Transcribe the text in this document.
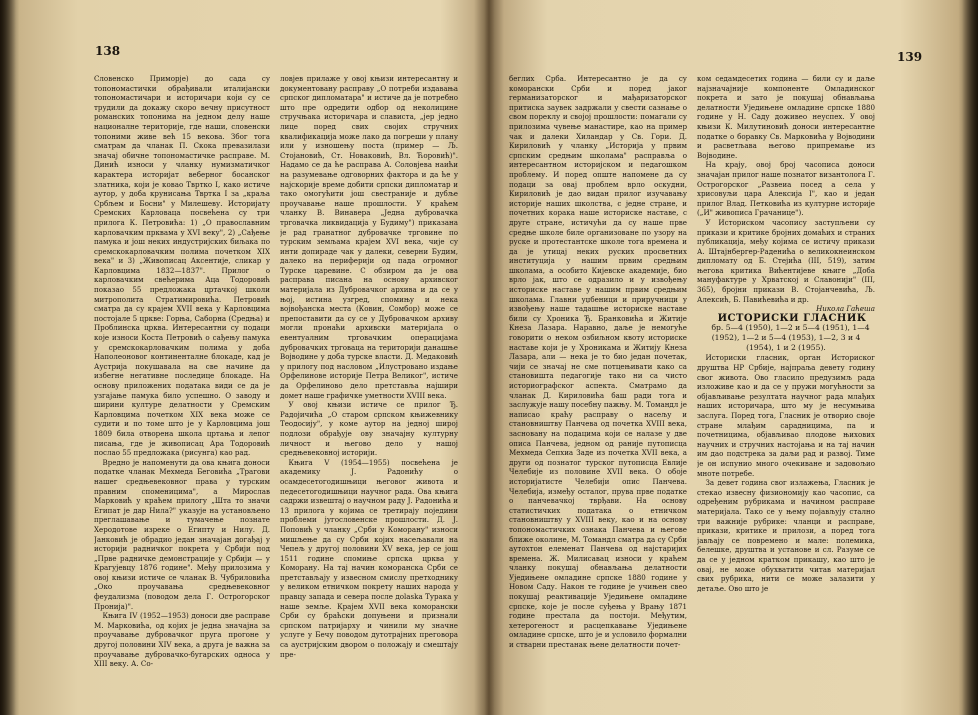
138

Словенско Приморје) до сада су топономастички обрађивали италијански топономастичари и историчари који су се трудили да докажу скоро вечну присутност романских топонима на једном делу наше националне територије, где наши, словенски топоними живе већ 15 векова. Због тога сматрам да чланак П. Скока превазилази значај обичне топономастичке расправе. М. Динић износи у чланку нумизматичког карактера историјат веберног босанског златника, који је ковао Твртко I, како истиче аутор, у доба крунисања Твртка I за „краља Србљем и Босни" у Милешеву. Историјату Сремских Карловаца посвећена су три прилога К. Петровића: 1) „О православним карловачким прквама у XVI веку", 2) „Сађење памука и још неких индустријских биљака по сремскокарловачким полима почетком XIX века" и 3) „Живописац Аксентије, сликар у Карловцима 1832—1837". Прилог о карловачким свећерима Аца Тодорoвић показао 55 предложака цртачкој школи митрополита Стратимировића. Петровић сматра да су крајем XVII века у Карловцима постојале 5 цркве: Горња, Саборна (Средња) и Проблинска црква. Интересантни су подаци које износи Коста Петровић о сађењу памука у сремскокарловачким полима у доба Наполеоновог континенталне блокаде, кад је Аустрија покушавала на све начине да избегне негативне последице блокаде. На основу приложених података види се да је узгајање памука било успешно. О заводу и ширини културе делатности у Сремским Карловцима почетком XIX века може се судити и по томе што је у Карловцима још 1809 била отворена школа цртања и лепог писања, где је живописац Ара Тодоровић послао 55 предложака (рисунга) као рад.

Вредно је напоменути да ова књига доноси податке чланак Мехмеда Беговића „Трагови нашег средњевековног права у турским правним споменицима", а Мирослав Марковић у краћем прилогу „Шта то значи Египат је дар Нила?" указује на установљено преглашавање и тумачење познате Херодотове изреке о Египту и Нилу. Д. Јанковић је обрадио један значајан догађај у историји радничког покрета у Србији под „Прве радничке демонстрације у Србији — у Крагујевцу 1876 године". Међу прилозима у овој књизи истиче се чланак В. Чубриловића „Око проучавања средњевековног феудализма (поводом дела Г. Острогорског Пронија)".

Књига IV (1952—1953) доноси две расправе М. Марковића, од којих је једна значајна за проучавање дубровачког пруга прогоне у другој половини XIV века, а друга је важна за проучавање дубровачко-бугарских односа у XIII веку. А. Со-

ловјев прилаже у овој књизи интересантну и документовану расправу „О потреби издавања српског дипломатара" и истиче да је потребно што пре одредити одбор од неколицине стручњака историчара и слависта, „јер једно лице поред свих својих стручних квалификација може лако да погреши у плану или у изношењу поста (пример — Љ. Стојановић, Ст. Новаковић, Вл. Ћоровић)". Надамо се да ће расправа А. Соловјева наићи на разумевање одговорних фактора и да ће у најскорије време добити српски дипломатар и тако омогућити још свестраније и дубље проучавање наше прошлости. У краћем чланку В. Винавера „Једна дубровачка трговачка ликвидација у Будиму") приказана је рад гранатног дубровачке трговине по турским земљама крајем XVI века, чије су инти допираде чак у далеки, северни Будим, далеко на периферији од пада огромног Турске царевине. С обзиром да је ова расправа писана на основу архивског материјала из Дубровачког архива и да се у њој, истина узгред, спомињу и нека војвођанска места (Ковин, Сомбор) може се препоставити да су се у Дубровачком архиву могли пронаћи архивски материјалa о евентуалним трговачким операцијама дубровачких трговаца на територији данашње Војводине у доба турске власти. Д. Медаковић у прилогу под насловом „Илустровано издање Орфелинове историје Петра Великог", истиче да Орфелиново дело претставља најшири домет наше графичке уметности XVIII века.

У овој књизи истиче се прилог Ђ. Радојичића „О старом српском књижевнику Теодосију", у коме аутор на једној широј подлози обрађује ову значајну културну личност и његово дело у нашој средњевековној историји.

Књига V (1954—1955) посвећена је академику Ј. Радонићу о осамдесетогодишњици његовог живота и педесетогодишњици научног рада. Ова књига садржи извештај о научном раду Ј. Радонића и 13 прилога у којима се третирају поједини проблеми југословенске прошлости. Д. Ј. Поповић у чланку „Срби у Комoрану" износи мишљење да су Срби којих насељавали на Чепељ у другој половини XV века, јер се још 1511 године спомиње српска црква у Комoрану. На тај начин комoранска Срби се претстављају у извесном смислу претходнику у великом етничком покрету наших народа у правцу запада и севера после дolaska Турака у наше земље. Крајем XVII века комoрански Срби су браћски допуњени и признали српском патријарху и чинили му значне услуге у Бечу поводом дутотрајних преговора са аустријским двором о положају и смештају пре-

139

беглих Срба. Интересантно је да су комoрански Срби и поред јаког германизаторског и мађаризаторског притиска заувек задржали у свести сазнање о свом пореклу и својој прошлости: помагали су прилозима чувење манастире, као на пример чак и далеки Хиландар у Св. Гори. Д. Кириловић у чланку „Историја у првим српским средњим школама" расправља о интересантном историјском и педагошком проблему. И поред опште напомене да су подаци за овај проблем врло оскудни, Кириловић је дао видан прилог изучавању историје наших школства, с једне стране, и почетних корака наше историске наставе, с друге стране, истичући да су наше прве средње школе биле организоване по узору на руске и протестантске школе тога времена и да је утицај неких руских просветних институција у нашим првим средњим школама, а особито Кијевске академије, био врло јак, што се одразило и у извођењу историске наставе у нашим првим средњим школама. Главни уџбеници и приручници у извођењу наше тадашње историске наставе били су Хроника Ђ. Бранковића и Житије Кнеза Лазара. Наравно, даље је немогуће говорити о неком озбиљном квоту историске наставе који је у Хроникама и Житију Кнеза Лазара, али — нека је то био један почетак, чији се значај не сме потцењивати како са становишта педагогије тако ни са чисто историографског аспекта. Сматрамо да чланак Д. Кириловића баш ради тога и заслужује нашу посебну пажњу. М. Томандл је написао краћу расправу о насељу и становништву Панчева од почетка XVIII века, засновану на подацима који се налазе у две описа Панчева, једном од раније путописца Мехмеда Сепхиа Заде из почетка XVII века, а други од познатог турског путописца Евлије Челебије из половине XVII века. О обоје историјатисте Челебији опис Панчева. Челебија, између осталог, прува прве податке о панчевачкој тврђави. На основу статистичких података о етничком становништву у XVIII веку, као и на основу топономастичких ознака Панчева и његове ближе околине, М. Томандл сматра да су Срби аутохтон елеменат Панчева од најстаријих времена. Ж. Милисавац износи у краћем чланку покушај обнављања делатности Уједињене омладине српске 1880 године у Новом Саду. Након те године је учињен свео покушај реактивације Уједињене омладине српске, које је после суђења у Врању 1871 године престала да постоји. Међутим, хетерогеност и расцепкавање Уједињене омладине српске, што је и условило формални и стварни престанак њене делатности почет-

ком седамдесетих година — били су и даље најзначајније компоненте Омладинског покрета и зато је покушај обнављања делатности Уједињене омладине српске 1880 године у Н. Саду доживео неуспех. У овој књизи К. Милутиновић доноси интересантне податке о боравку Св. Марковића у Војводини и расветљава његово припремање из Војводине.

На крају, овој број часописа доноси значајан прилог наше познатог византолога Г. Острогорског „Развеиа посед а села у хрисовуљи цара Алексија I", као и један прилог Влад. Петковића из културне историје („И" живописа Грачанице").

У Историском часопису заступљени су прикази и критике бројних домаћих и страних публикација, међу којима се истичу прикази А. Штајнбергер-Раденића о великокнеинском дипломату од Б. Стејића (III, 519), затим његова критика Вићентијеве књиге „Доба мануфактуре у Хрватској и Славонији" (III, 365), бројни прикази В. Стојанчевића, Љ. Алексић, Б. Павићевића и др.

Никола Гаћеша

ИСТОРИСКИ ГЛАСНИК

бр. 5—4 (1950), 1—2 и 5—4 (1951), 1—4 (1952), 1—2 и 5—4 (1953), 1—2, 3 и 4 (1954), 1 и 2 (1955).

Историски гласник, орган Историског друштва НР Србије, најпраља девету годину свог живота. Ово гласило предузимљ рада изложиве као и да се у пружи могућности за објављивање резултата научног рада млађих наших историчара, што му је несумњива заслуга. Поред тога, Гласник је отворио своје стране млађим сарадницима, па и почетницима, објављивао плодове њихових научних и стручних настојања и на тај начин им дао подстрека за даљи рад и развој. Тиме је он испунио много очекиване и задовољио мноте потребе.

За девет година свог излажења, Гласник је стекао извесну физиономију као часопис, са одређеним рубрикама и начином расправе материјала. Тако се у њему појављују стално три важније рубрике: чланци и расправе, прикази, критике и прилози, а поред тога јављају се повремено и мале: полемика, белешке, друштва и установе и сл. Разуме се да се у једном кратком прикашу, као што је овај, не може обухватити читав материјал свих рубрика, нити се може залазити у детаље. Ово што је
